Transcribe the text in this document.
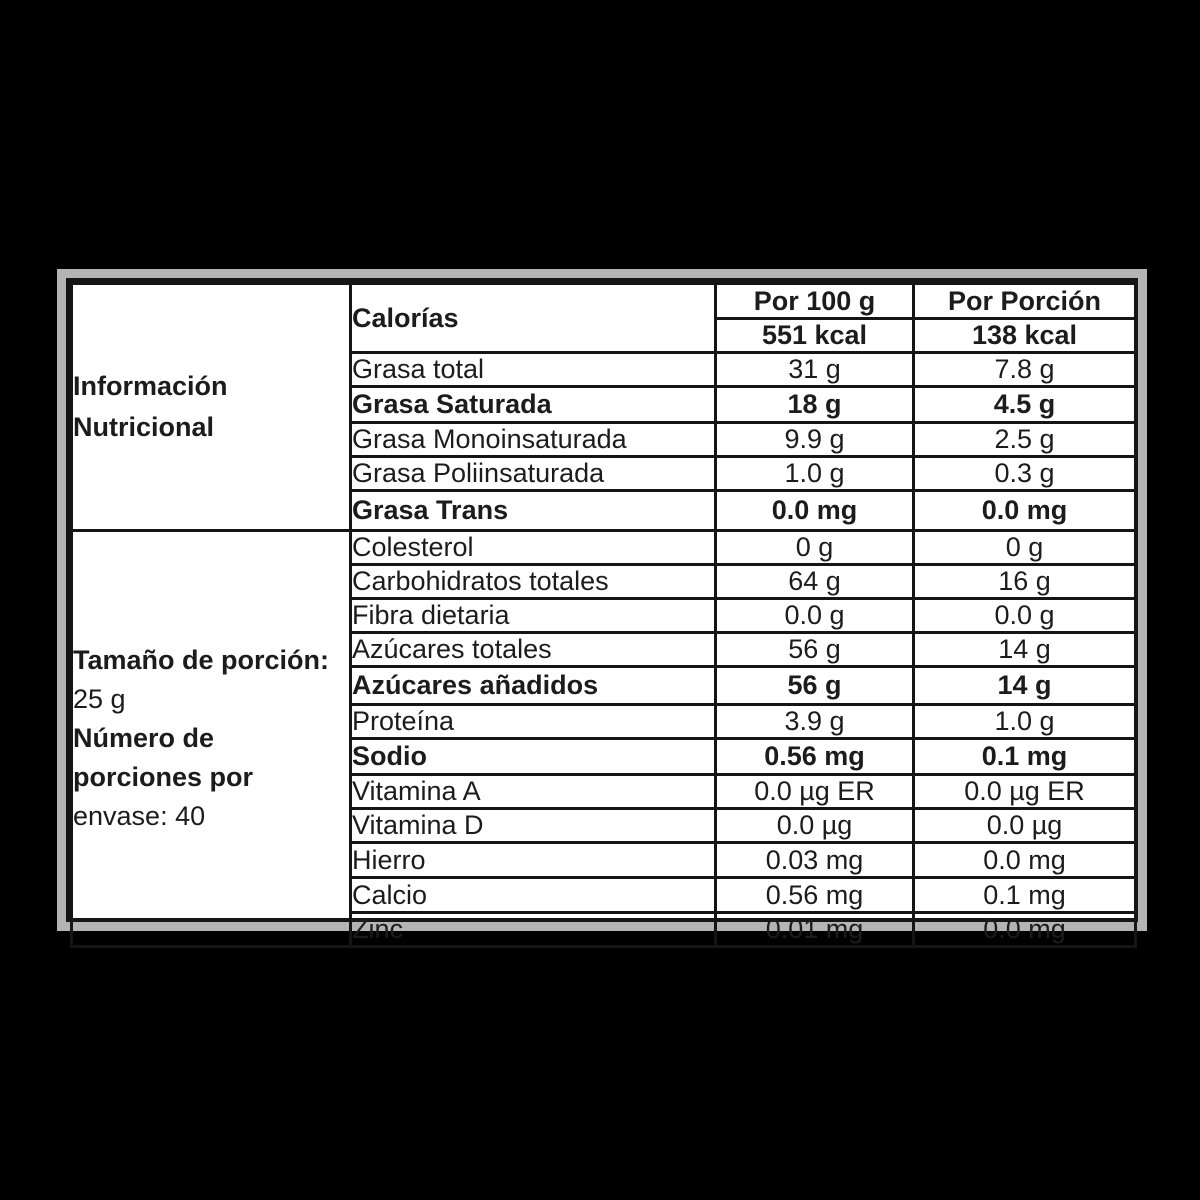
Información
Nutricional	Calorías	Por 100 g	Por Porción
		551 kcal	138 kcal
	Grasa total	31 g	7.8 g
	Grasa Saturada	18 g	4.5 g
	Grasa Monoinsaturada	9.9 g	2.5 g
	Grasa Poliinsaturada	1.0 g	0.3 g
	Grasa Trans	0.0 mg	0.0 mg

Tamaño de porción:
25 g
Número de
porciones por
envase: 40	Colesterol	0 g	0 g
	Carbohidratos totales	64 g	16 g
	Fibra dietaria	0.0 g	0.0 g
	Azúcares totales	56 g	14 g
	Azúcares añadidos	56 g	14 g
	Proteína	3.9 g	1.0 g
	Sodio	0.56 mg	0.1 mg
	Vitamina A	0.0 µg ER	0.0 µg ER
	Vitamina D	0.0 µg	0.0 µg
	Hierro	0.03 mg	0.0 mg
	Calcio	0.56 mg	0.1 mg
	Zinc	0.01 mg	0.0 mg
